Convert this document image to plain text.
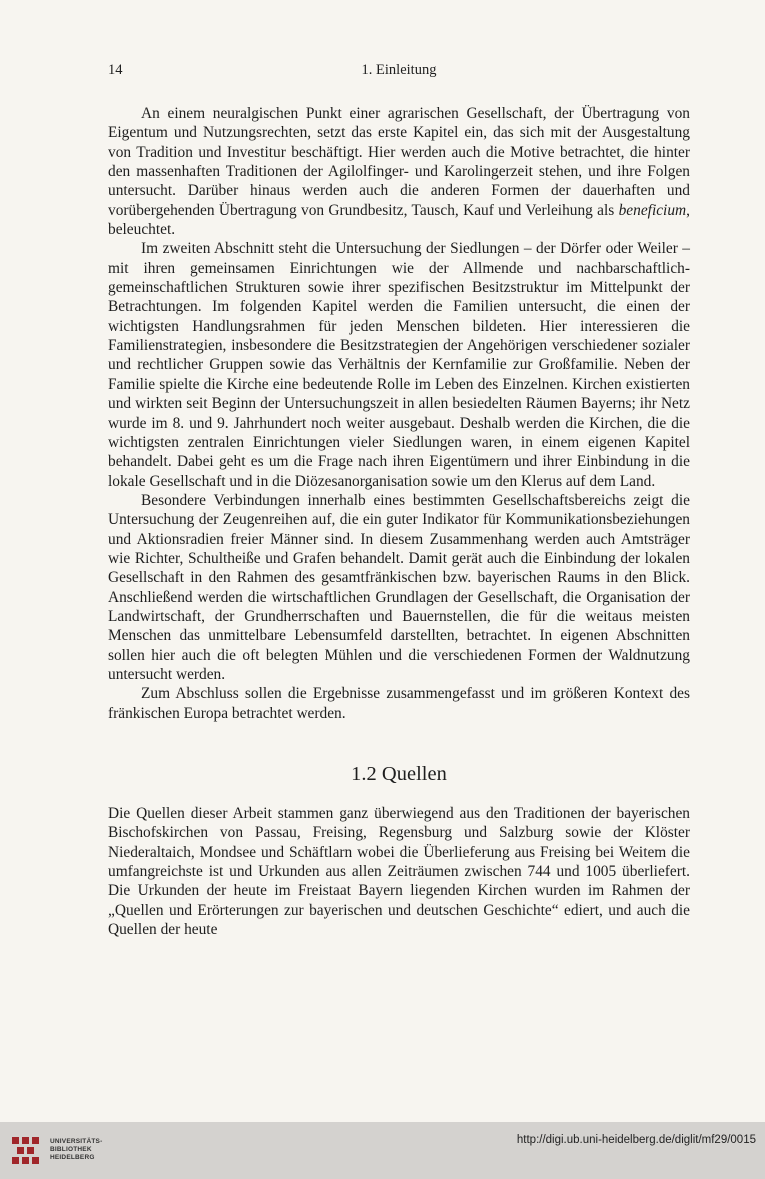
14	1. Einleitung

An einem neuralgischen Punkt einer agrarischen Gesellschaft, der Übertragung von Eigentum und Nutzungsrechten, setzt das erste Kapitel ein, das sich mit der Ausgestaltung von Tradition und Investitur beschäftigt. Hier werden auch die Motive betrachtet, die hinter den massenhaften Traditionen der Agilolfinger- und Karolingerzeit stehen, und ihre Folgen untersucht. Darüber hinaus werden auch die anderen Formen der dauerhaften und vorübergehenden Übertragung von Grundbesitz, Tausch, Kauf und Verleihung als beneficium, beleuchtet.

Im zweiten Abschnitt steht die Untersuchung der Siedlungen – der Dörfer oder Weiler – mit ihren gemeinsamen Einrichtungen wie der Allmende und nachbarschaftlich-gemeinschaftlichen Strukturen sowie ihrer spezifischen Besitzstruktur im Mittelpunkt der Betrachtungen. Im folgenden Kapitel werden die Familien untersucht, die einen der wichtigsten Handlungsrahmen für jeden Menschen bildeten. Hier interessieren die Familienstrategien, insbesondere die Besitzstrategien der Angehörigen verschiedener sozialer und rechtlicher Gruppen sowie das Verhältnis der Kernfamilie zur Großfamilie. Neben der Familie spielte die Kirche eine bedeutende Rolle im Leben des Einzelnen. Kirchen existierten und wirkten seit Beginn der Untersuchungszeit in allen besiedelten Räumen Bayerns; ihr Netz wurde im 8. und 9. Jahrhundert noch weiter ausgebaut. Deshalb werden die Kirchen, die die wichtigsten zentralen Einrichtungen vieler Siedlungen waren, in einem eigenen Kapitel behandelt. Dabei geht es um die Frage nach ihren Eigentümern und ihrer Einbindung in die lokale Gesellschaft und in die Diözesanorganisation sowie um den Klerus auf dem Land.

Besondere Verbindungen innerhalb eines bestimmten Gesellschaftsbereichs zeigt die Untersuchung der Zeugenreihen auf, die ein guter Indikator für Kommunikationsbeziehungen und Aktionsradien freier Männer sind. In diesem Zusammenhang werden auch Amtsträger wie Richter, Schultheiße und Grafen behandelt. Damit gerät auch die Einbindung der lokalen Gesellschaft in den Rahmen des gesamtfränkischen bzw. bayerischen Raums in den Blick. Anschließend werden die wirtschaftlichen Grundlagen der Gesellschaft, die Organisation der Landwirtschaft, der Grundherrschaften und Bauernstellen, die für die weitaus meisten Menschen das unmittelbare Lebensumfeld darstellten, betrachtet. In eigenen Abschnitten sollen hier auch die oft belegten Mühlen und die verschiedenen Formen der Waldnutzung untersucht werden.

Zum Abschluss sollen die Ergebnisse zusammengefasst und im größeren Kontext des fränkischen Europa betrachtet werden.

1.2 Quellen

Die Quellen dieser Arbeit stammen ganz überwiegend aus den Traditionen der bayerischen Bischofskirchen von Passau, Freising, Regensburg und Salzburg sowie der Klöster Niederaltaich, Mondsee und Schäftlarn wobei die Überlieferung aus Freising bei Weitem die umfangreichste ist und Urkunden aus allen Zeiträumen zwischen 744 und 1005 überliefert. Die Urkunden der heute im Freistaat Bayern liegenden Kirchen wurden im Rahmen der „Quellen und Erörterungen zur bayerischen und deutschen Geschichte“ ediert, und auch die Quellen der heute

UNIVERSITÄTS-
BIBLIOTHEK
HEIDELBERG
http://digi.ub.uni-heidelberg.de/diglit/mf29/0015
